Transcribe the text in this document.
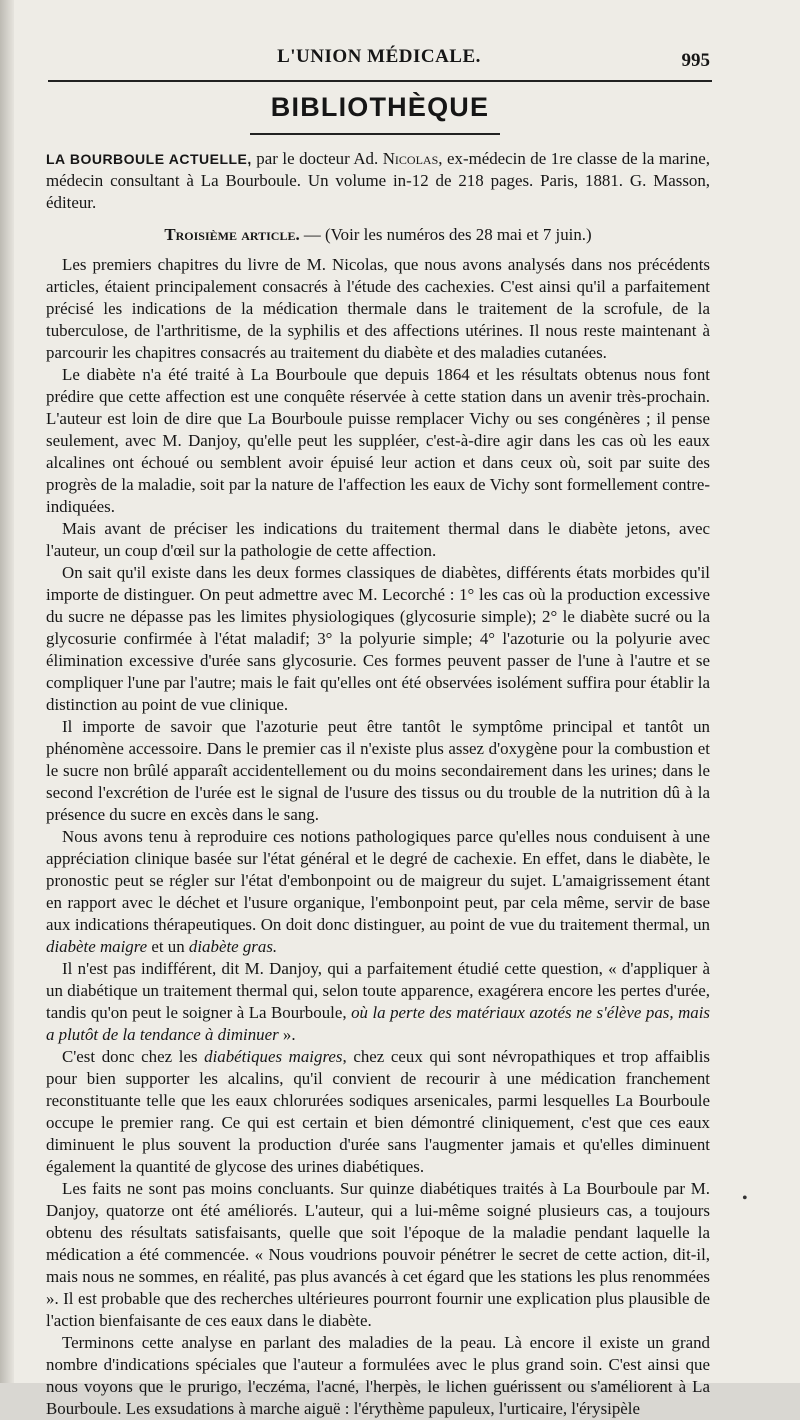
L'UNION MÉDICALE.	995
BIBLIOTHÈQUE

LA BOURBOULE ACTUELLE, par le docteur Ad. Nicolas, ex-médecin de 1re classe de la marine, médecin consultant à La Bourboule. Un volume in-12 de 218 pages. Paris, 1881. G. Masson, éditeur.

Troisième article. — (Voir les numéros des 28 mai et 7 juin.)

Les premiers chapitres du livre de M. Nicolas, que nous avons analysés dans nos précédents articles, étaient principalement consacrés à l'étude des cachexies. C'est ainsi qu'il a parfaitement précisé les indications de la médication thermale dans le traitement de la scrofule, de la tuberculose, de l'arthritisme, de la syphilis et des affections utérines. Il nous reste maintenant à parcourir les chapitres consacrés au traitement du diabète et des maladies cutanées.

Le diabète n'a été traité à La Bourboule que depuis 1864 et les résultats obtenus nous font prédire que cette affection est une conquête réservée à cette station dans un avenir très-prochain. L'auteur est loin de dire que La Bourboule puisse remplacer Vichy ou ses congénères ; il pense seulement, avec M. Danjoy, qu'elle peut les suppléer, c'est-à-dire agir dans les cas où les eaux alcalines ont échoué ou semblent avoir épuisé leur action et dans ceux où, soit par suite des progrès de la maladie, soit par la nature de l'affection les eaux de Vichy sont formellement contre-indiquées.

Mais avant de préciser les indications du traitement thermal dans le diabète jetons, avec l'auteur, un coup d'œil sur la pathologie de cette affection.

On sait qu'il existe dans les deux formes classiques de diabètes, différents états morbides qu'il importe de distinguer. On peut admettre avec M. Lecorché : 1° les cas où la production excessive du sucre ne dépasse pas les limites physiologiques (glycosurie simple); 2° le diabète sucré ou la glycosurie confirmée à l'état maladif; 3° la polyurie simple; 4° l'azoturie ou la polyurie avec élimination excessive d'urée sans glycosurie. Ces formes peuvent passer de l'une à l'autre et se compliquer l'une par l'autre; mais le fait qu'elles ont été observées isolément suffira pour établir la distinction au point de vue clinique.

Il importe de savoir que l'azoturie peut être tantôt le symptôme principal et tantôt un phénomène accessoire. Dans le premier cas il n'existe plus assez d'oxygène pour la combustion et le sucre non brûlé apparaît accidentellement ou du moins secondairement dans les urines; dans le second l'excrétion de l'urée est le signal de l'usure des tissus ou du trouble de la nutrition dû à la présence du sucre en excès dans le sang.

Nous avons tenu à reproduire ces notions pathologiques parce qu'elles nous conduisent à une appréciation clinique basée sur l'état général et le degré de cachexie. En effet, dans le diabète, le pronostic peut se régler sur l'état d'embonpoint ou de maigreur du sujet. L'amaigrissement étant en rapport avec le déchet et l'usure organique, l'embonpoint peut, par cela même, servir de base aux indications thérapeutiques. On doit donc distinguer, au point de vue du traitement thermal, un diabète maigre et un diabète gras.

Il n'est pas indifférent, dit M. Danjoy, qui a parfaitement étudié cette question, « d'appliquer à un diabétique un traitement thermal qui, selon toute apparence, exagérera encore les pertes d'urée, tandis qu'on peut le soigner à La Bourboule, où la perte des matériaux azotés ne s'élève pas, mais a plutôt de la tendance à diminuer ».

C'est donc chez les diabétiques maigres, chez ceux qui sont névropathiques et trop affaiblis pour bien supporter les alcalins, qu'il convient de recourir à une médication franchement reconstituante telle que les eaux chlorurées sodiques arsenicales, parmi lesquelles La Bourboule occupe le premier rang. Ce qui est certain et bien démontré cliniquement, c'est que ces eaux diminuent le plus souvent la production d'urée sans l'augmenter jamais et qu'elles diminuent également la quantité de glycose des urines diabétiques.

Les faits ne sont pas moins concluants. Sur quinze diabétiques traités à La Bourboule par M. Danjoy, quatorze ont été améliorés. L'auteur, qui a lui-même soigné plusieurs cas, a toujours obtenu des résultats satisfaisants, quelle que soit l'époque de la maladie pendant laquelle la médication a été commencée. « Nous voudrions pouvoir pénétrer le secret de cette action, dit-il, mais nous ne sommes, en réalité, pas plus avancés à cet égard que les stations les plus renommées ». Il est probable que des recherches ultérieures pourront fournir une explication plus plausible de l'action bienfaisante de ces eaux dans le diabète.

Terminons cette analyse en parlant des maladies de la peau. Là encore il existe un grand nombre d'indications spéciales que l'auteur a formulées avec le plus grand soin. C'est ainsi que nous voyons que le prurigo, l'eczéma, l'acné, l'herpès, le lichen guérissent ou s'améliorent à La Bourboule. Les exsudations à marche aiguë : l'érythème papuleux, l'urticaire, l'érysipèle

•
